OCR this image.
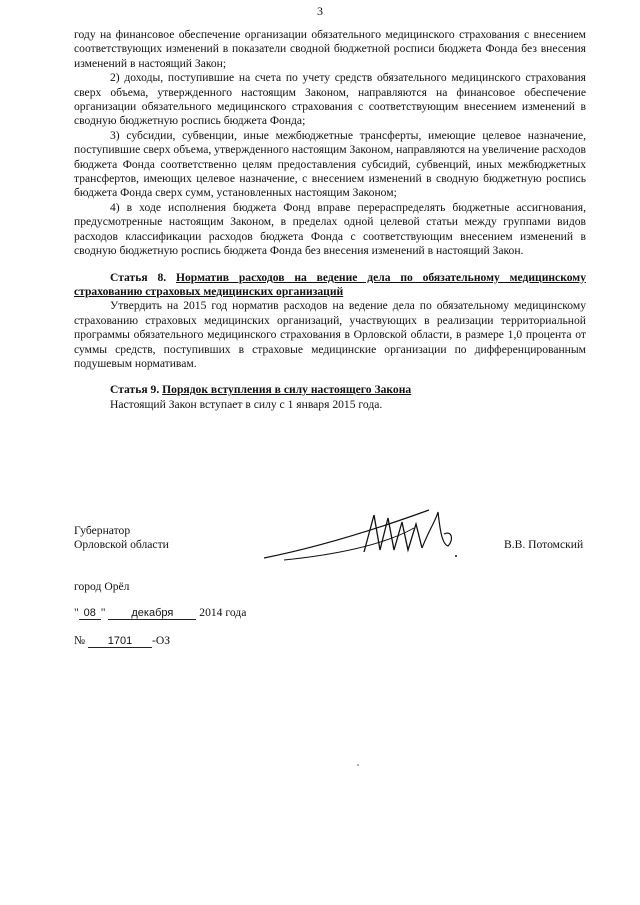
3

году на финансовое обеспечение организации обязательного медицинского страхования с внесением соответствующих изменений в показатели сводной бюджетной росписи бюджета Фонда без внесения изменений в настоящий Закон;

2) доходы, поступившие на счета по учету средств обязательного медицинского страхования сверх объема, утвержденного настоящим Законом, направляются на финансовое обеспечение организации обязательного медицинского страхования с соответствующим внесением изменений в сводную бюджетную роспись бюджета Фонда;

3) субсидии, субвенции, иные межбюджетные трансферты, имеющие целевое назначение, поступившие сверх объема, утвержденного настоящим Законом, направляются на увеличение расходов бюджета Фонда соответственно целям предоставления субсидий, субвенций, иных межбюджетных трансфертов, имеющих целевое назначение, с внесением изменений в сводную бюджетную роспись бюджета Фонда сверх сумм, установленных настоящим Законом;

4) в ходе исполнения бюджета Фонд вправе перераспределять бюджетные ассигнования, предусмотренные настоящим Законом, в пределах одной целевой статьи между группами видов расходов классификации расходов бюджета Фонда с соответствующим внесением изменений в сводную бюджетную роспись бюджета Фонда без внесения изменений в настоящий Закон.

Статья 8. Норматив расходов на ведение дела по обязательному медицинскому страхованию страховых медицинских организаций

Утвердить на 2015 год норматив расходов на ведение дела по обязательному медицинскому страхованию страховых медицинских организаций, участвующих в реализации территориальной программы обязательного медицинского страхования в Орловской области, в размере 1,0 процента от суммы средств, поступивших в страховые медицинские организации по дифференцированным подушевым нормативам.

Статья 9. Порядок вступления в силу настоящего Закона

Настоящий Закон вступает в силу с 1 января 2015 года.

Губернатор
Орловской области	В.В. Потомский
город Орёл
" 08 " декабря 2014 года
№ 1701 -ОЗ
